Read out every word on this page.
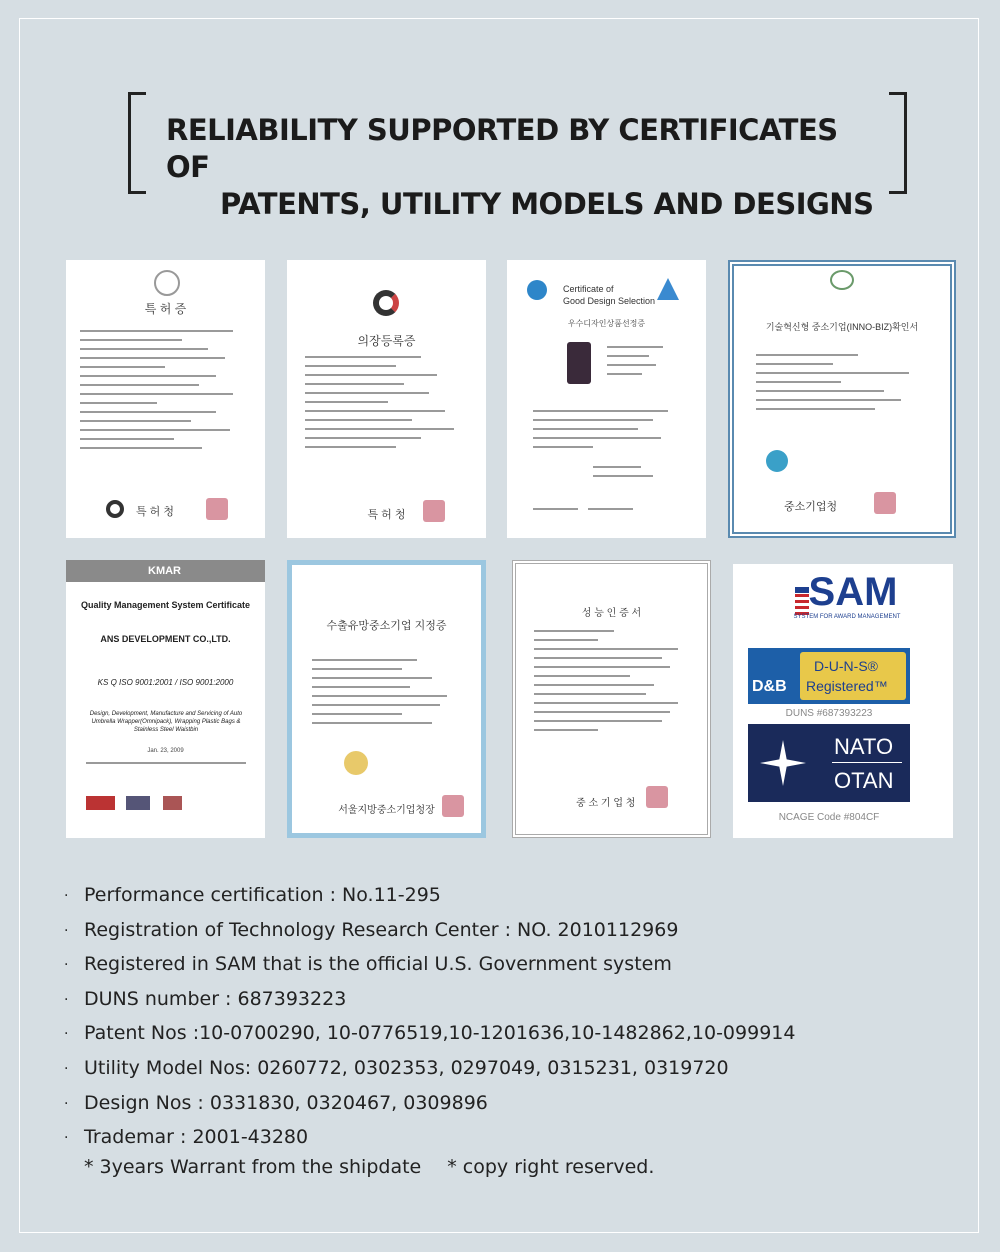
RELIABILITY SUPPORTED BY CERTIFICATES OF
PATENTS, UTILITY MODELS AND DESIGNS
특 허 증
특 허 청
의장등록증
특 허 청
Certificate of
Good Design Selection
우수디자인상품선정증	기술혁신형 중소기업(INNO-BIZ)확인서
중소기업청
KMAR
Quality Management System Certificate
ANS DEVELOPMENT CO.,LTD.
KS Q ISO 9001:2001 / ISO 9001:2000
Design, Development, Manufacture and Servicing of Auto Umbrella Wrapper(Omnipack), Wrapping Plastic Bags & Stainless Steel Waistbin
Jan. 23, 2009
수출유망중소기업 지정증
서울지방중소기업청장
성 능 인 증 서
중 소 기 업 청
SAM
SYSTEM FOR AWARD MANAGEMENT
D&B
D-U-N-S®
Registered™
DUNS #687393223
NATO
OTAN
NCAGE Code #804CF
· Performance certification : No.11-295
· Registration of Technology Research Center : NO. 2010112969
· Registered in SAM that is the official U.S. Government system
· DUNS number : 687393223
· Patent Nos :10-0700290, 10-0776519,10-1201636,10-1482862,10-099914
· Utility Model Nos: 0260772, 0302353, 0297049, 0315231, 0319720
· Design Nos : 0331830, 0320467, 0309896
· Trademar : 2001-43280
* 3years Warrant from the shipdate * copy right reserved.
